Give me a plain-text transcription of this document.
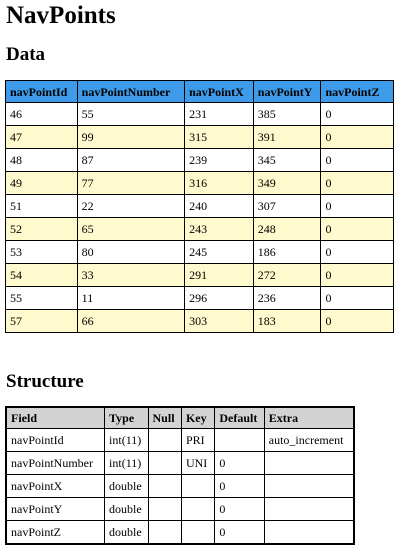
NavPoints
Data
navPointId	navPointNumber	navPointX	navPointY	navPointZ
46	55	231	385	0
47	99	315	391	0
48	87	239	345	0
49	77	316	349	0
51	22	240	307	0
52	65	243	248	0
53	80	245	186	0
54	33	291	272	0
55	11	296	236	0
57	66	303	183	0
Structure
Field	Type	Null	Key	Default	Extra
navPointId	int(11)		PRI		auto_increment
navPointNumber	int(11)		UNI	0	
navPointX	double			0	
navPointY	double			0	
navPointZ	double			0	
